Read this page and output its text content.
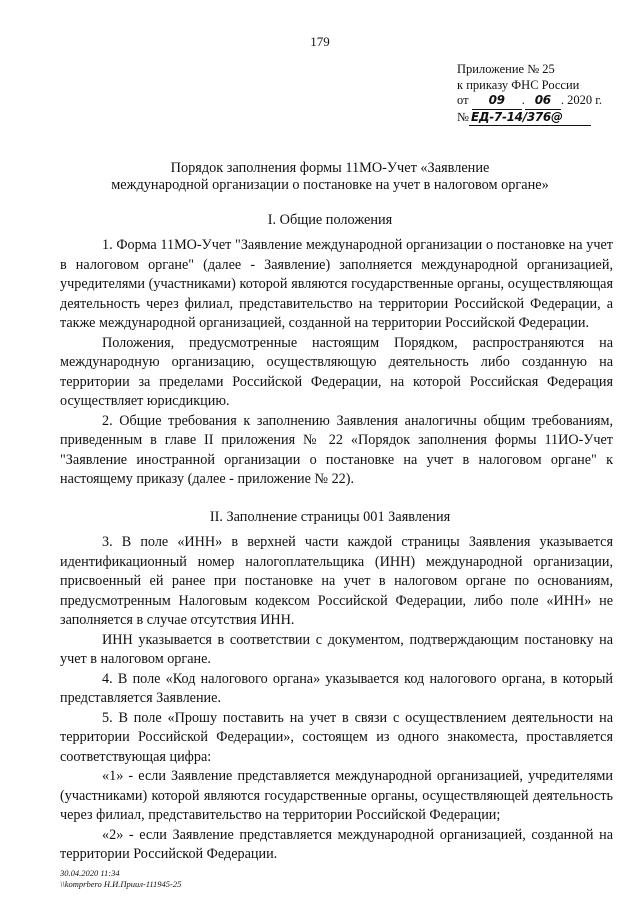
179
Приложение № 25
к приказу ФНС России
от 09 . 06 . 2020 г.
№ ЕД-7-14/376@
Порядок заполнения формы 11МО-Учет «Заявление
международной организации о постановке на учет в налоговом органе»
I. Общие положения

1. Форма 11МО-Учет "Заявление международной организации о постановке на учет в налоговом органе" (далее - Заявление) заполняется международной организацией, учредителями (участниками) которой являются государственные органы, осуществляющая деятельность через филиал, представительство на территории Российской Федерации, а также международной организацией, созданной на территории Российской Федерации.

Положения, предусмотренные настоящим Порядком, распространяются на международную организацию, осуществляющую деятельность либо созданную на территории за пределами Российской Федерации, на которой Российская Федерация осуществляет юрисдикцию.

2. Общие требования к заполнению Заявления аналогичны общим требованиям, приведенным в главе II приложения № 22 «Порядок заполнения формы 11ИО-Учет "Заявление иностранной организации о постановке на учет в налоговом органе" к настоящему приказу (далее - приложение № 22).

II. Заполнение страницы 001 Заявления

3. В поле «ИНН» в верхней части каждой страницы Заявления указывается идентификационный номер налогоплательщика (ИНН) международной организации, присвоенный ей ранее при постановке на учет в налоговом органе по основаниям, предусмотренным Налоговым кодексом Российской Федерации, либо поле «ИНН» не заполняется в случае отсутствия ИНН.

ИНН указывается в соответствии с документом, подтверждающим постановку на учет в налоговом органе.

4. В поле «Код налогового органа» указывается код налогового органа, в который представляется Заявление.

5. В поле «Прошу поставить на учет в связи с осуществлением деятельности на территории Российской Федерации», состоящем из одного знакоместа, проставляется соответствующая цифра:

«1» - если Заявление представляется международной организацией, учредителями (участниками) которой являются государственные органы, осуществляющей деятельность через филиал, представительство на территории Российской Федерации;

«2» - если Заявление представляется международной организацией, созданной на территории Российской Федерации.

30.04.2020 11:34
\\komprbero Н.И.Приил-111945-25
